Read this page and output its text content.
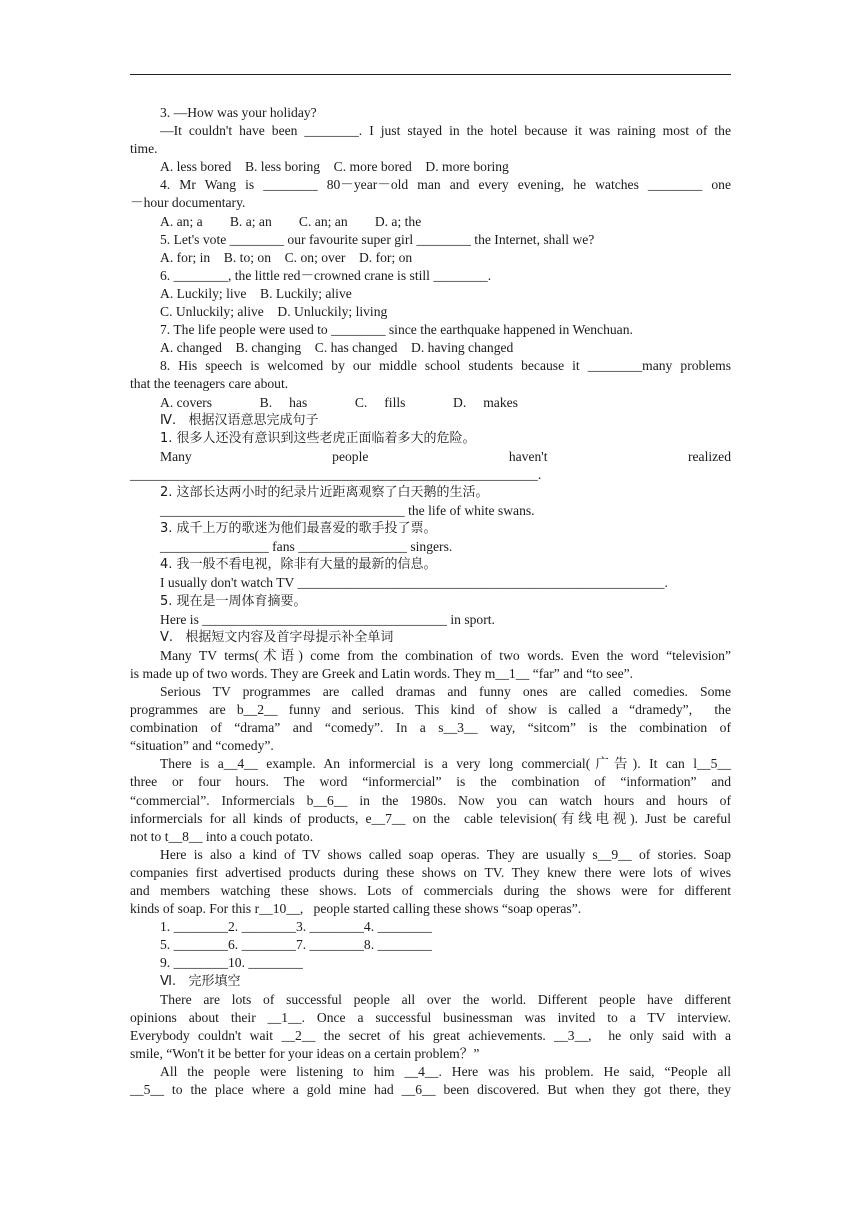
3. —How was your holiday?
—It couldn't have been ________. I just stayed in the hotel because it was raining most of the
time.
A. less bored    B. less boring    C. more bored    D. more boring
4. Mr Wang is ________ 80－year－old man and every evening, he watches ________ one
－hour documentary.
A. an; a        B. a; an        C. an; an        D. a; the
5. Let's vote ________ our favourite super girl ________ the Internet, shall we?
A. for; in    B. to; on    C. on; over    D. for; on
6. ________, the little red－crowned crane is still ________.
A. Luckily; live    B. Luckily; alive
C. Unluckily; alive    D. Unluckily; living
7. The life people were used to ________ since the earthquake happened in Wenchuan.
A. changed    B. changing    C. has changed    D. having changed
8. His speech is welcomed by our middle school students because it ________many problems
that the teenagers care about.
A. covers              B.     has              C.     fills              D.     makes
Ⅳ.   根据汉语意思完成句子
1. 很多人还没有意识到这些老虎正面临着多大的危险。
Many people haven't realized
____________________________________________________________.
2. 这部长达两小时的纪录片近距离观察了白天鹅的生活。
____________________________________ the life of white swans.
3. 成千上万的歌迷为他们最喜爱的歌手投了票。
________________ fans ________________ singers.
4. 我一般不看电视，除非有大量的最新的信息。
I usually don't watch TV ______________________________________________________.
5. 现在是一周体育摘要。
Here is ____________________________________ in sport.
Ⅴ.   根据短文内容及首字母提示补全单词
Many TV terms(术语) come from the combination of two words. Even the word “television”
is made up of two words. They are Greek and Latin words. They m__1__ “far” and “to see”.
Serious TV programmes are called dramas and funny ones are called comedies. Some
programmes are b__2__ funny and serious. This kind of show is called a “dramedy”,  the
combination of “drama” and “comedy”. In a s__3__ way, “sitcom” is the combination of
“situation” and “comedy”.
There is a__4__ example. An informercial is a very long commercial(广告). It can l__5__
three or four hours. The word “informercial” is the combination of “information” and
“commercial”. Informercials b__6__ in the 1980s. Now you can watch hours and hours of
informercials for all kinds of products, e__7__ on the  cable television(有线电视). Just be careful
not to t__8__ into a couch potato.
Here is also a kind of TV shows called soap operas. They are usually s__9__ of stories. Soap
companies first advertised products during these shows on TV. They knew there were lots of wives
and members watching these shows. Lots of commercials during the shows were for different
kinds of soap. For this r__10__,   people started calling these shows “soap operas”.
1. ________2. ________3. ________4. ________
5. ________6. ________7. ________8. ________
9. ________10. ________
Ⅵ.   完形填空
There are lots of successful people all over the world. Different people have different
opinions about their __1__. Once a successful businessman was invited to a TV interview.
Everybody couldn't wait __2__ the secret of his great achievements. __3__,  he only said with a
smile, “Won't it be better for your ideas on a certain problem？”
All the people were listening to him __4__. Here was his problem. He said, “People all
__5__ to the place where a gold mine had __6__ been discovered. But when they got there, they
